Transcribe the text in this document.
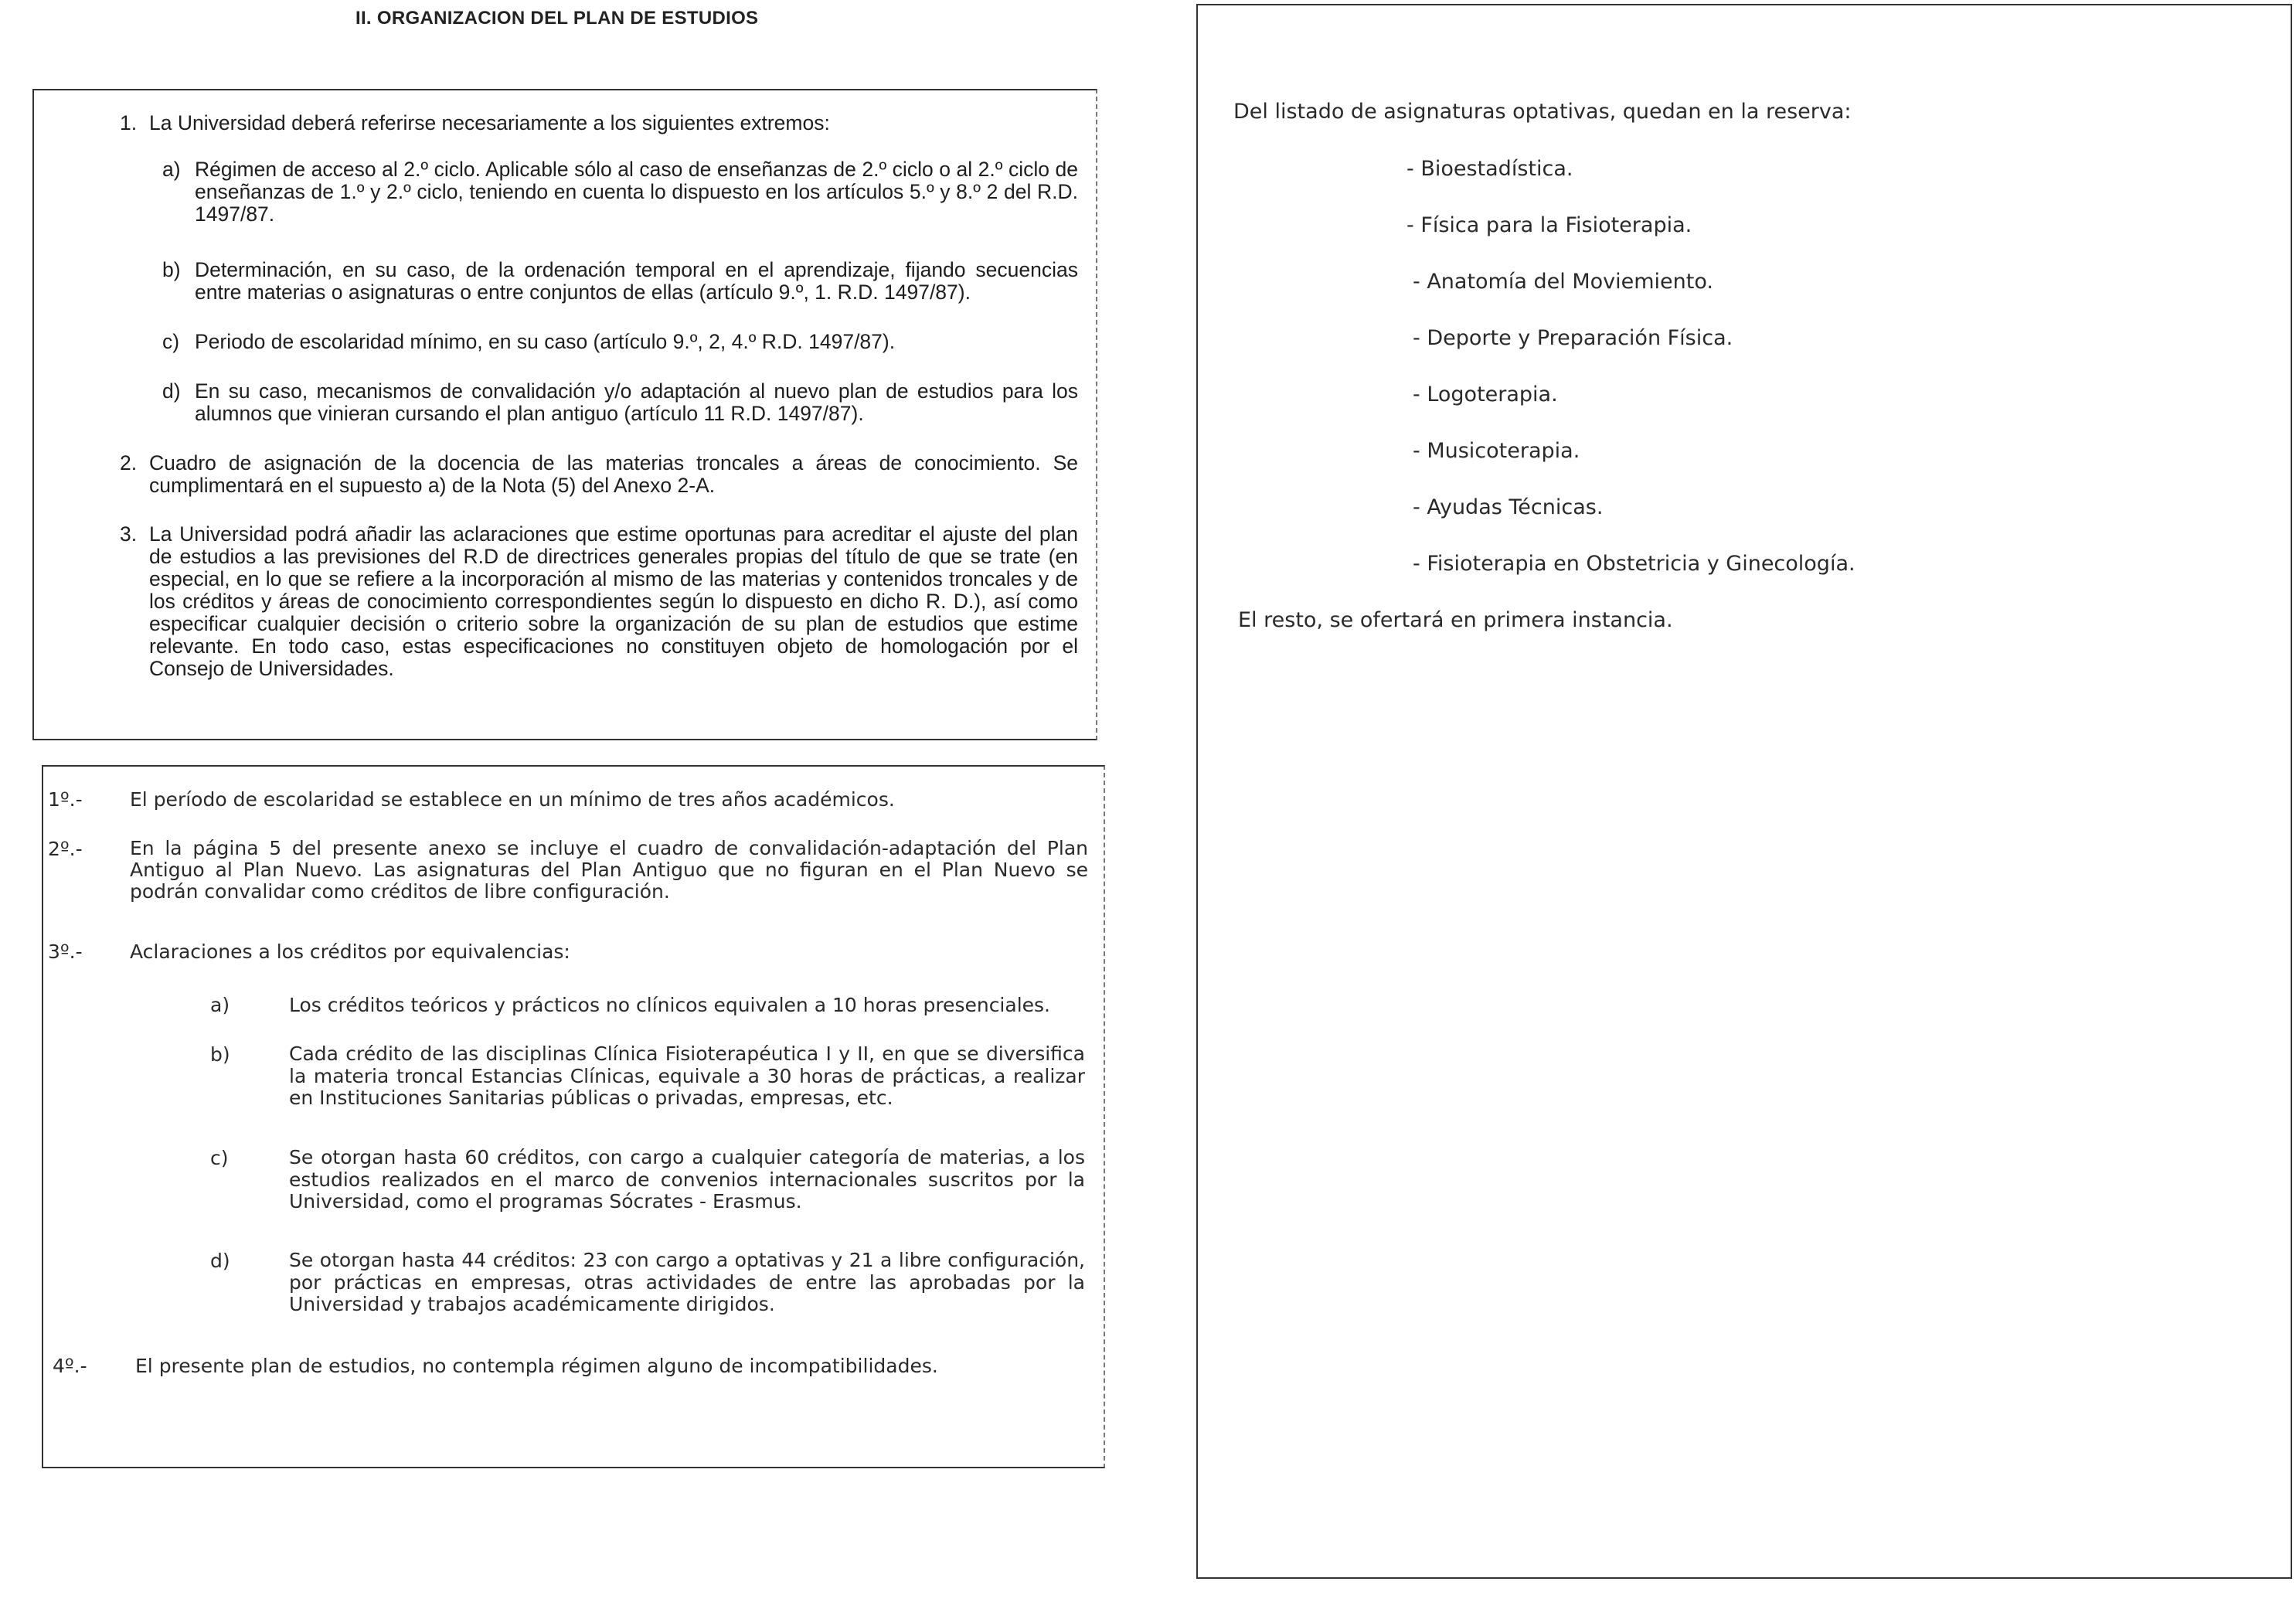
II. ORGANIZACION DEL PLAN DE ESTUDIOS
1. La Universidad deberá referirse necesariamente a los siguientes extremos:
a) Régimen de acceso al 2.º ciclo. Aplicable sólo al caso de enseñanzas de 2.º ciclo o al 2.º ciclo de enseñanzas de 1.º y 2.º ciclo, teniendo en cuenta lo dispuesto en los artículos 5.º y 8.º 2 del R.D. 1497/87.
b) Determinación, en su caso, de la ordenación temporal en el aprendizaje, fijando secuencias entre materias o asignaturas o entre conjuntos de ellas (artículo 9.º, 1. R.D. 1497/87).
c) Periodo de escolaridad mínimo, en su caso (artículo 9.º, 2, 4.º R.D. 1497/87).
d) En su caso, mecanismos de convalidación y/o adaptación al nuevo plan de estudios para los alumnos que vinieran cursando el plan antiguo (artículo 11 R.D. 1497/87).
2. Cuadro de asignación de la docencia de las materias troncales a áreas de conocimiento. Se cumplimentará en el supuesto a) de la Nota (5) del Anexo 2-A.
3. La Universidad podrá añadir las aclaraciones que estime oportunas para acreditar el ajuste del plan de estudios a las previsiones del R.D de directrices generales propias del título de que se trate (en especial, en lo que se refiere a la incorporación al mismo de las materias y contenidos troncales y de los créditos y áreas de conocimiento correspondientes según lo dispuesto en dicho R. D.), así como especificar cualquier decisión o criterio sobre la organización de su plan de estudios que estime relevante. En todo caso, estas especificaciones no constituyen objeto de homologación por el Consejo de Universidades.
1º.- El período de escolaridad se establece en un mínimo de tres años académicos.
2º.- En la página 5 del presente anexo se incluye el cuadro de convalidación-adaptación del Plan Antiguo al Plan Nuevo. Las asignaturas del Plan Antiguo que no figuran en el Plan Nuevo se podrán convalidar como créditos de libre configuración.
3º.- Aclaraciones a los créditos por equivalencias:
a)	Los créditos teóricos y prácticos no clínicos equivalen a 10 horas presenciales.
b)	Cada crédito de las disciplinas Clínica Fisioterapéutica I y II, en que se diversifica la materia troncal Estancias Clínicas, equivale a 30 horas de prácticas, a realizar en Instituciones Sanitarias públicas o privadas, empresas, etc.
c)	Se otorgan hasta 60 créditos, con cargo a cualquier categoría de materias, a los estudios realizados en el marco de convenios internacionales suscritos por la Universidad, como el programas Sócrates - Erasmus.
d)	Se otorgan hasta 44 créditos: 23 con cargo a optativas y 21 a libre configuración, por prácticas en empresas, otras actividades de entre las aprobadas por la Universidad y trabajos académicamente dirigidos.
4º.- El presente plan de estudios, no contempla régimen alguno de incompatibilidades.
Del listado de asignaturas optativas, quedan en la reserva:
- Bioestadística.
- Física para la Fisioterapia.
- Anatomía del Moviemiento.
- Deporte y Preparación Física.
- Logoterapia.
- Musicoterapia.
- Ayudas Técnicas.
- Fisioterapia en Obstetricia y Ginecología.
El resto, se ofertará en primera instancia.
